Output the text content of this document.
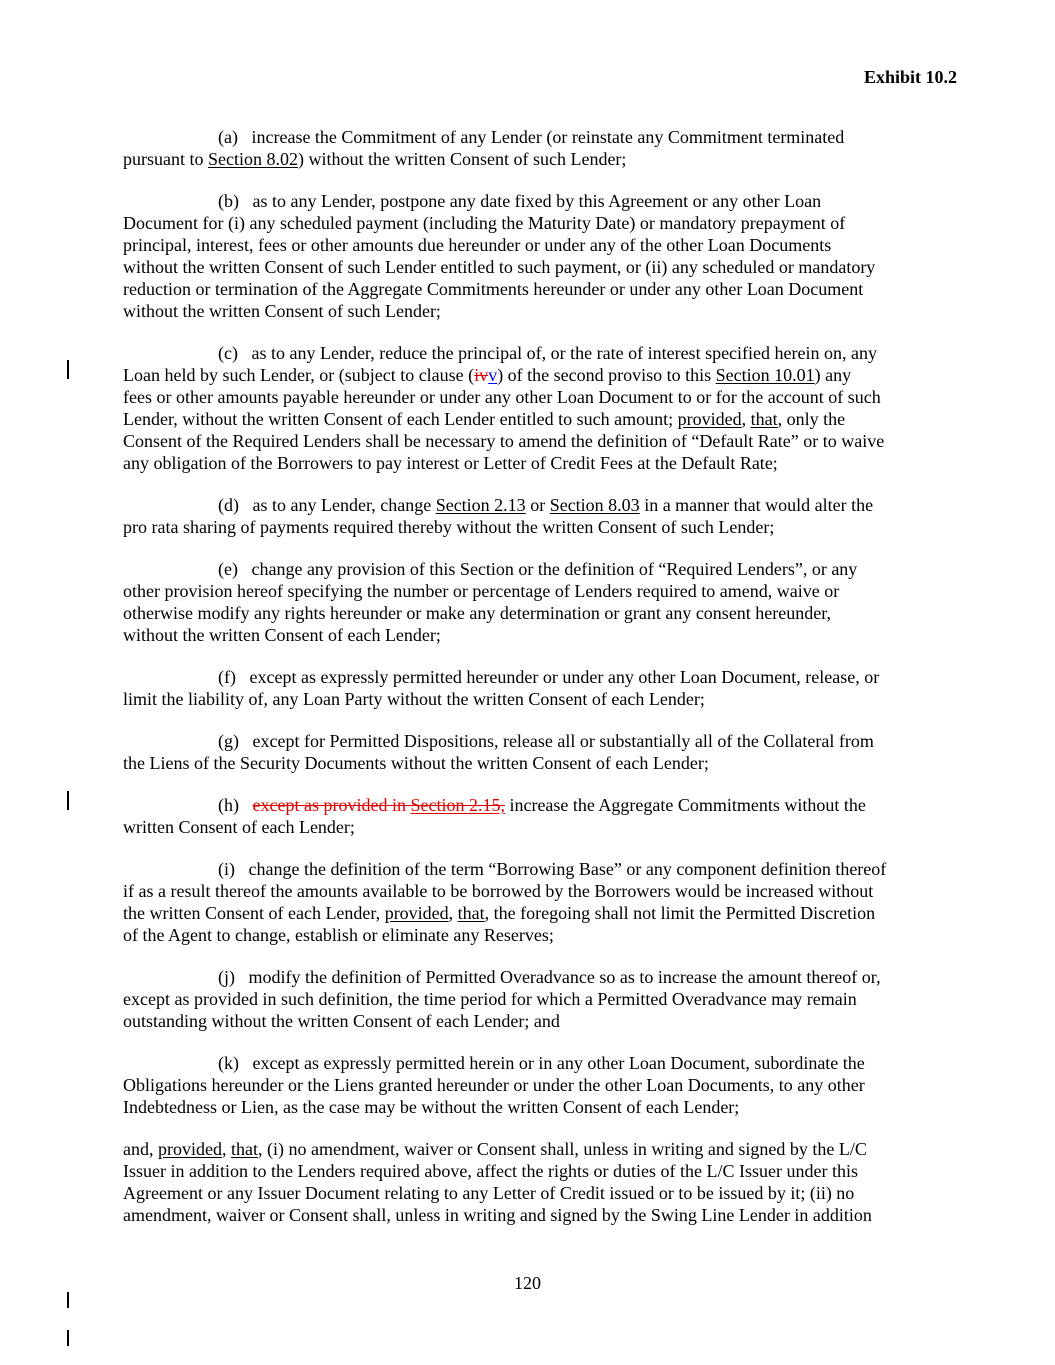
Exhibit 10.2
(a)  increase the Commitment of any Lender (or reinstate any Commitment terminated
pursuant to Section 8.02) without the written Consent of such Lender;
(b)  as to any Lender, postpone any date fixed by this Agreement or any other Loan
Document for (i) any scheduled payment (including the Maturity Date) or mandatory prepayment of
principal, interest, fees or other amounts due hereunder or under any of the other Loan Documents
without the written Consent of such Lender entitled to such payment, or (ii) any scheduled or mandatory
reduction or termination of the Aggregate Commitments hereunder or under any other Loan Document
without the written Consent of such Lender;
(c)  as to any Lender, reduce the principal of, or the rate of interest specified herein on, any
Loan held by such Lender, or (subject to clause (ivv) of the second proviso to this Section 10.01) any
fees or other amounts payable hereunder or under any other Loan Document to or for the account of such
Lender, without the written Consent of each Lender entitled to such amount; provided, that, only the
Consent of the Required Lenders shall be necessary to amend the definition of “Default Rate” or to waive
any obligation of the Borrowers to pay interest or Letter of Credit Fees at the Default Rate;
(d)  as to any Lender, change Section 2.13 or Section 8.03 in a manner that would alter the
pro rata sharing of payments required thereby without the written Consent of such Lender;
(e)  change any provision of this Section or the definition of “Required Lenders”, or any
other provision hereof specifying the number or percentage of Lenders required to amend, waive or
otherwise modify any rights hereunder or make any determination or grant any consent hereunder,
without the written Consent of each Lender;
(f)  except as expressly permitted hereunder or under any other Loan Document, release, or
limit the liability of, any Loan Party without the written Consent of each Lender;
(g)  except for Permitted Dispositions, release all or substantially all of the Collateral from
the Liens of the Security Documents without the written Consent of each Lender;
(h)  except as provided in Section 2.15, increase the Aggregate Commitments without the
written Consent of each Lender;
(i)  change the definition of the term “Borrowing Base” or any component definition thereof
if as a result thereof the amounts available to be borrowed by the Borrowers would be increased without
the written Consent of each Lender, provided, that, the foregoing shall not limit the Permitted Discretion
of the Agent to change, establish or eliminate any Reserves;
(j)  modify the definition of Permitted Overadvance so as to increase the amount thereof or,
except as provided in such definition, the time period for which a Permitted Overadvance may remain
outstanding without the written Consent of each Lender; and
(k)  except as expressly permitted herein or in any other Loan Document, subordinate the
Obligations hereunder or the Liens granted hereunder or under the other Loan Documents, to any other
Indebtedness or Lien, as the case may be without the written Consent of each Lender;
and, provided, that, (i) no amendment, waiver or Consent shall, unless in writing and signed by the L/C
Issuer in addition to the Lenders required above, affect the rights or duties of the L/C Issuer under this
Agreement or any Issuer Document relating to any Letter of Credit issued or to be issued by it; (ii) no
amendment, waiver or Consent shall, unless in writing and signed by the Swing Line Lender in addition
120
